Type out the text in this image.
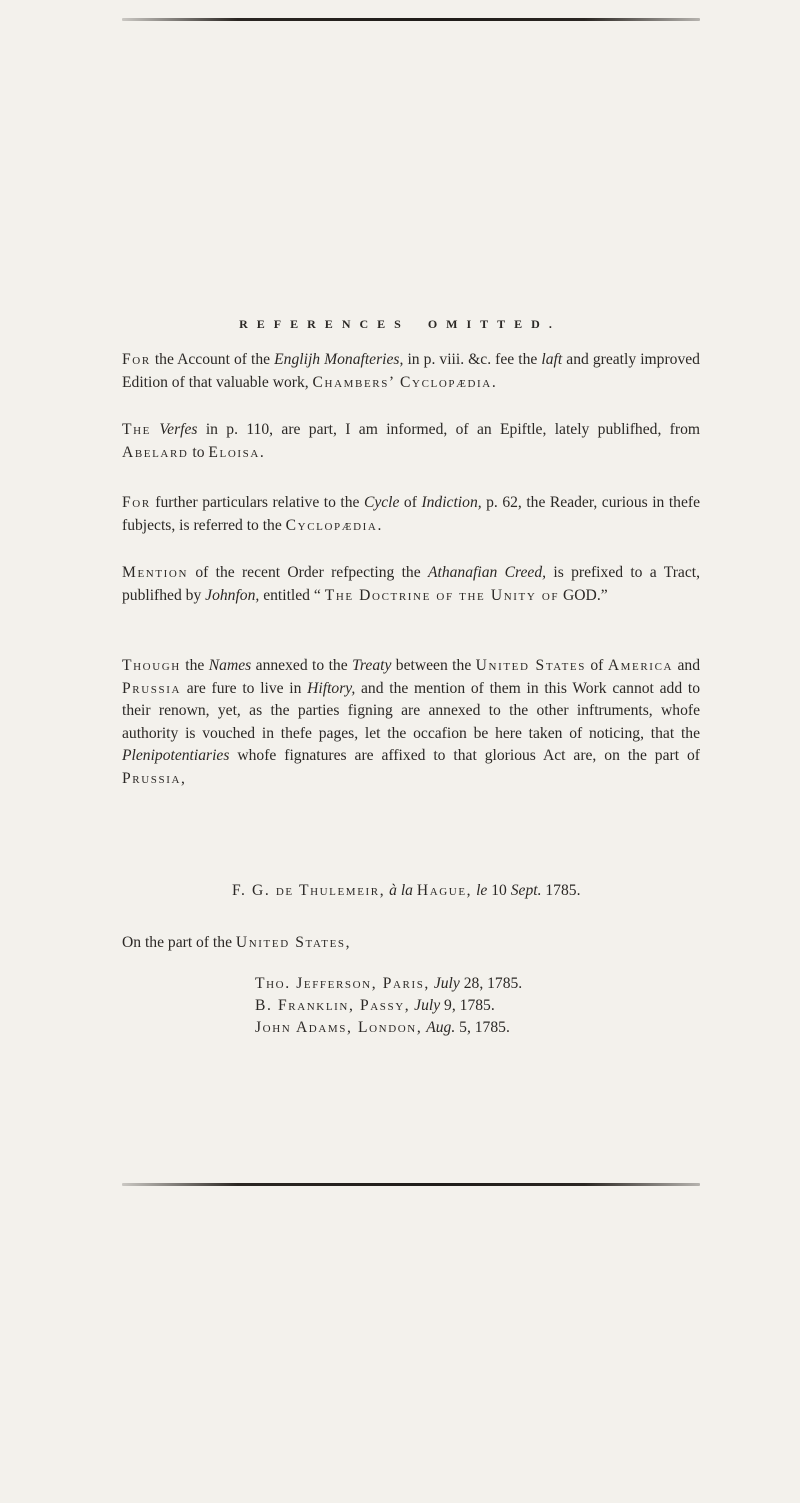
REFERENCES OMITTED.
For the Account of the Englijh Monafteries, in p. viii. &c. fee the laft and greatly improved Edition of that valuable work, Chambers’ Cyclopædia.
The Verfes in p. 110, are part, I am informed, of an Epiftle, lately publifhed, from Abelard to Eloisa.
For further particulars relative to the Cycle of Indiction, p. 62, the Reader, curious in thefe fubjects, is referred to the Cyclopædia.
Mention of the recent Order refpecting the Athanafian Creed, is prefixed to a Tract, publifhed by Johnfon, entitled “ The Doctrine of the Unity of GOD.”
Though the Names annexed to the Treaty between the United States of America and Prussia are fure to live in Hiftory, and the mention of them in this Work cannot add to their renown, yet, as the parties figning are annexed to the other inftruments, whofe authority is vouched in thefe pages, let the occafion be here taken of noticing, that the Plenipotentiaries whofe fignatures are affixed to that glorious Act are, on the part of Prussia,
F. G. de Thulemeir, à la Hague, le 10 Sept. 1785.
On the part of the United States,
Tho. Jefferson, Paris, July 28, 1785.
B. Franklin, Passy, July 9, 1785.
John Adams, London, Aug. 5, 1785.
